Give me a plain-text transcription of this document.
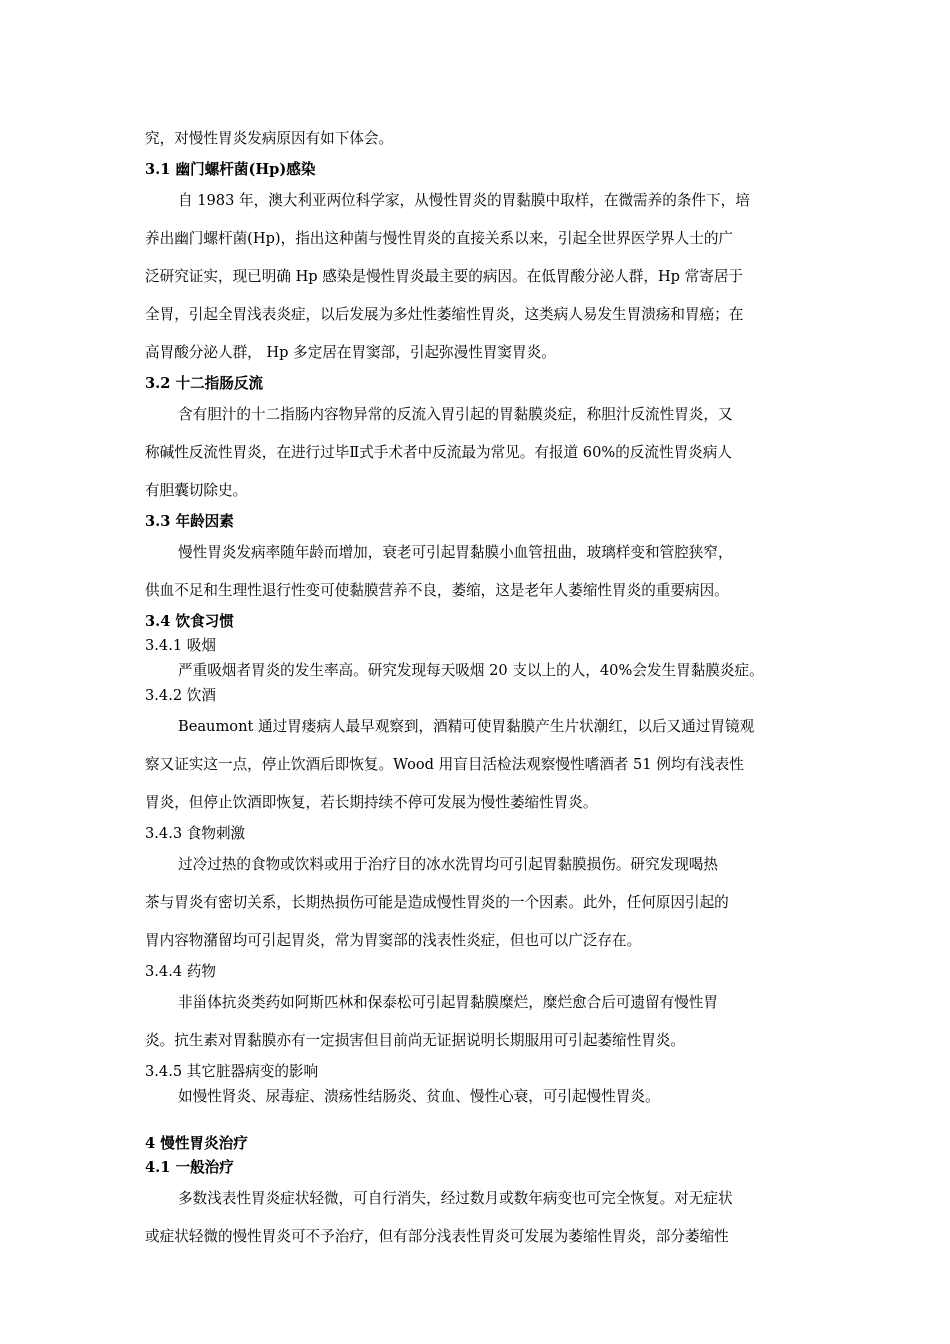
究，对慢性胃炎发病原因有如下体会。
3.1 幽门螺杆菌(Hp)感染
自 1983 年，澳大利亚两位科学家，从慢性胃炎的胃黏膜中取样，在微需养的条件下，培
养出幽门螺杆菌(Hp)，指出这种菌与慢性胃炎的直接关系以来，引起全世界医学界人士的广
泛研究证实，现已明确 Hp 感染是慢性胃炎最主要的病因。在低胃酸分泌人群，Hp 常寄居于
全胃，引起全胃浅表炎症，以后发展为多灶性萎缩性胃炎，这类病人易发生胃溃疡和胃癌；在
高胃酸分泌人群， Hp 多定居在胃窦部，引起弥漫性胃窦胃炎。
3.2 十二指肠反流
含有胆汁的十二指肠内容物异常的反流入胃引起的胃黏膜炎症，称胆汁反流性胃炎，又
称碱性反流性胃炎，在进行过毕Ⅱ式手术者中反流最为常见。有报道 60%的反流性胃炎病人
有胆囊切除史。
3.3 年龄因素
慢性胃炎发病率随年龄而增加，衰老可引起胃黏膜小血管扭曲，玻璃样变和管腔狭窄，
供血不足和生理性退行性变可使黏膜营养不良，萎缩，这是老年人萎缩性胃炎的重要病因。
3.4 饮食习惯
3.4.1 吸烟
严重吸烟者胃炎的发生率高。研究发现每天吸烟 20 支以上的人，40%会发生胃黏膜炎症。
3.4.2 饮酒
Beaumont 通过胃瘘病人最早观察到，酒精可使胃黏膜产生片状潮红，以后又通过胃镜观
察又证实这一点，停止饮酒后即恢复。Wood 用盲目活检法观察慢性嗜酒者 51 例均有浅表性
胃炎，但停止饮酒即恢复，若长期持续不停可发展为慢性萎缩性胃炎。
3.4.3 食物刺激
过冷过热的食物或饮料或用于治疗目的冰水洗胃均可引起胃黏膜损伤。研究发现喝热
茶与胃炎有密切关系，长期热损伤可能是造成慢性胃炎的一个因素。此外，任何原因引起的
胃内容物潴留均可引起胃炎，常为胃窦部的浅表性炎症，但也可以广泛存在。
3.4.4 药物
非甾体抗炎类药如阿斯匹林和保泰松可引起胃黏膜糜烂，糜烂愈合后可遗留有慢性胃
炎。抗生素对胃黏膜亦有一定损害但目前尚无证据说明长期服用可引起萎缩性胃炎。
3.4.5 其它脏器病变的影响
如慢性肾炎、尿毒症、溃疡性结肠炎、贫血、慢性心衰，可引起慢性胃炎。
4 慢性胃炎治疗
4.1 一般治疗
多数浅表性胃炎症状轻微，可自行消失，经过数月或数年病变也可完全恢复。对无症状
或症状轻微的慢性胃炎可不予治疗，但有部分浅表性胃炎可发展为萎缩性胃炎，部分萎缩性
